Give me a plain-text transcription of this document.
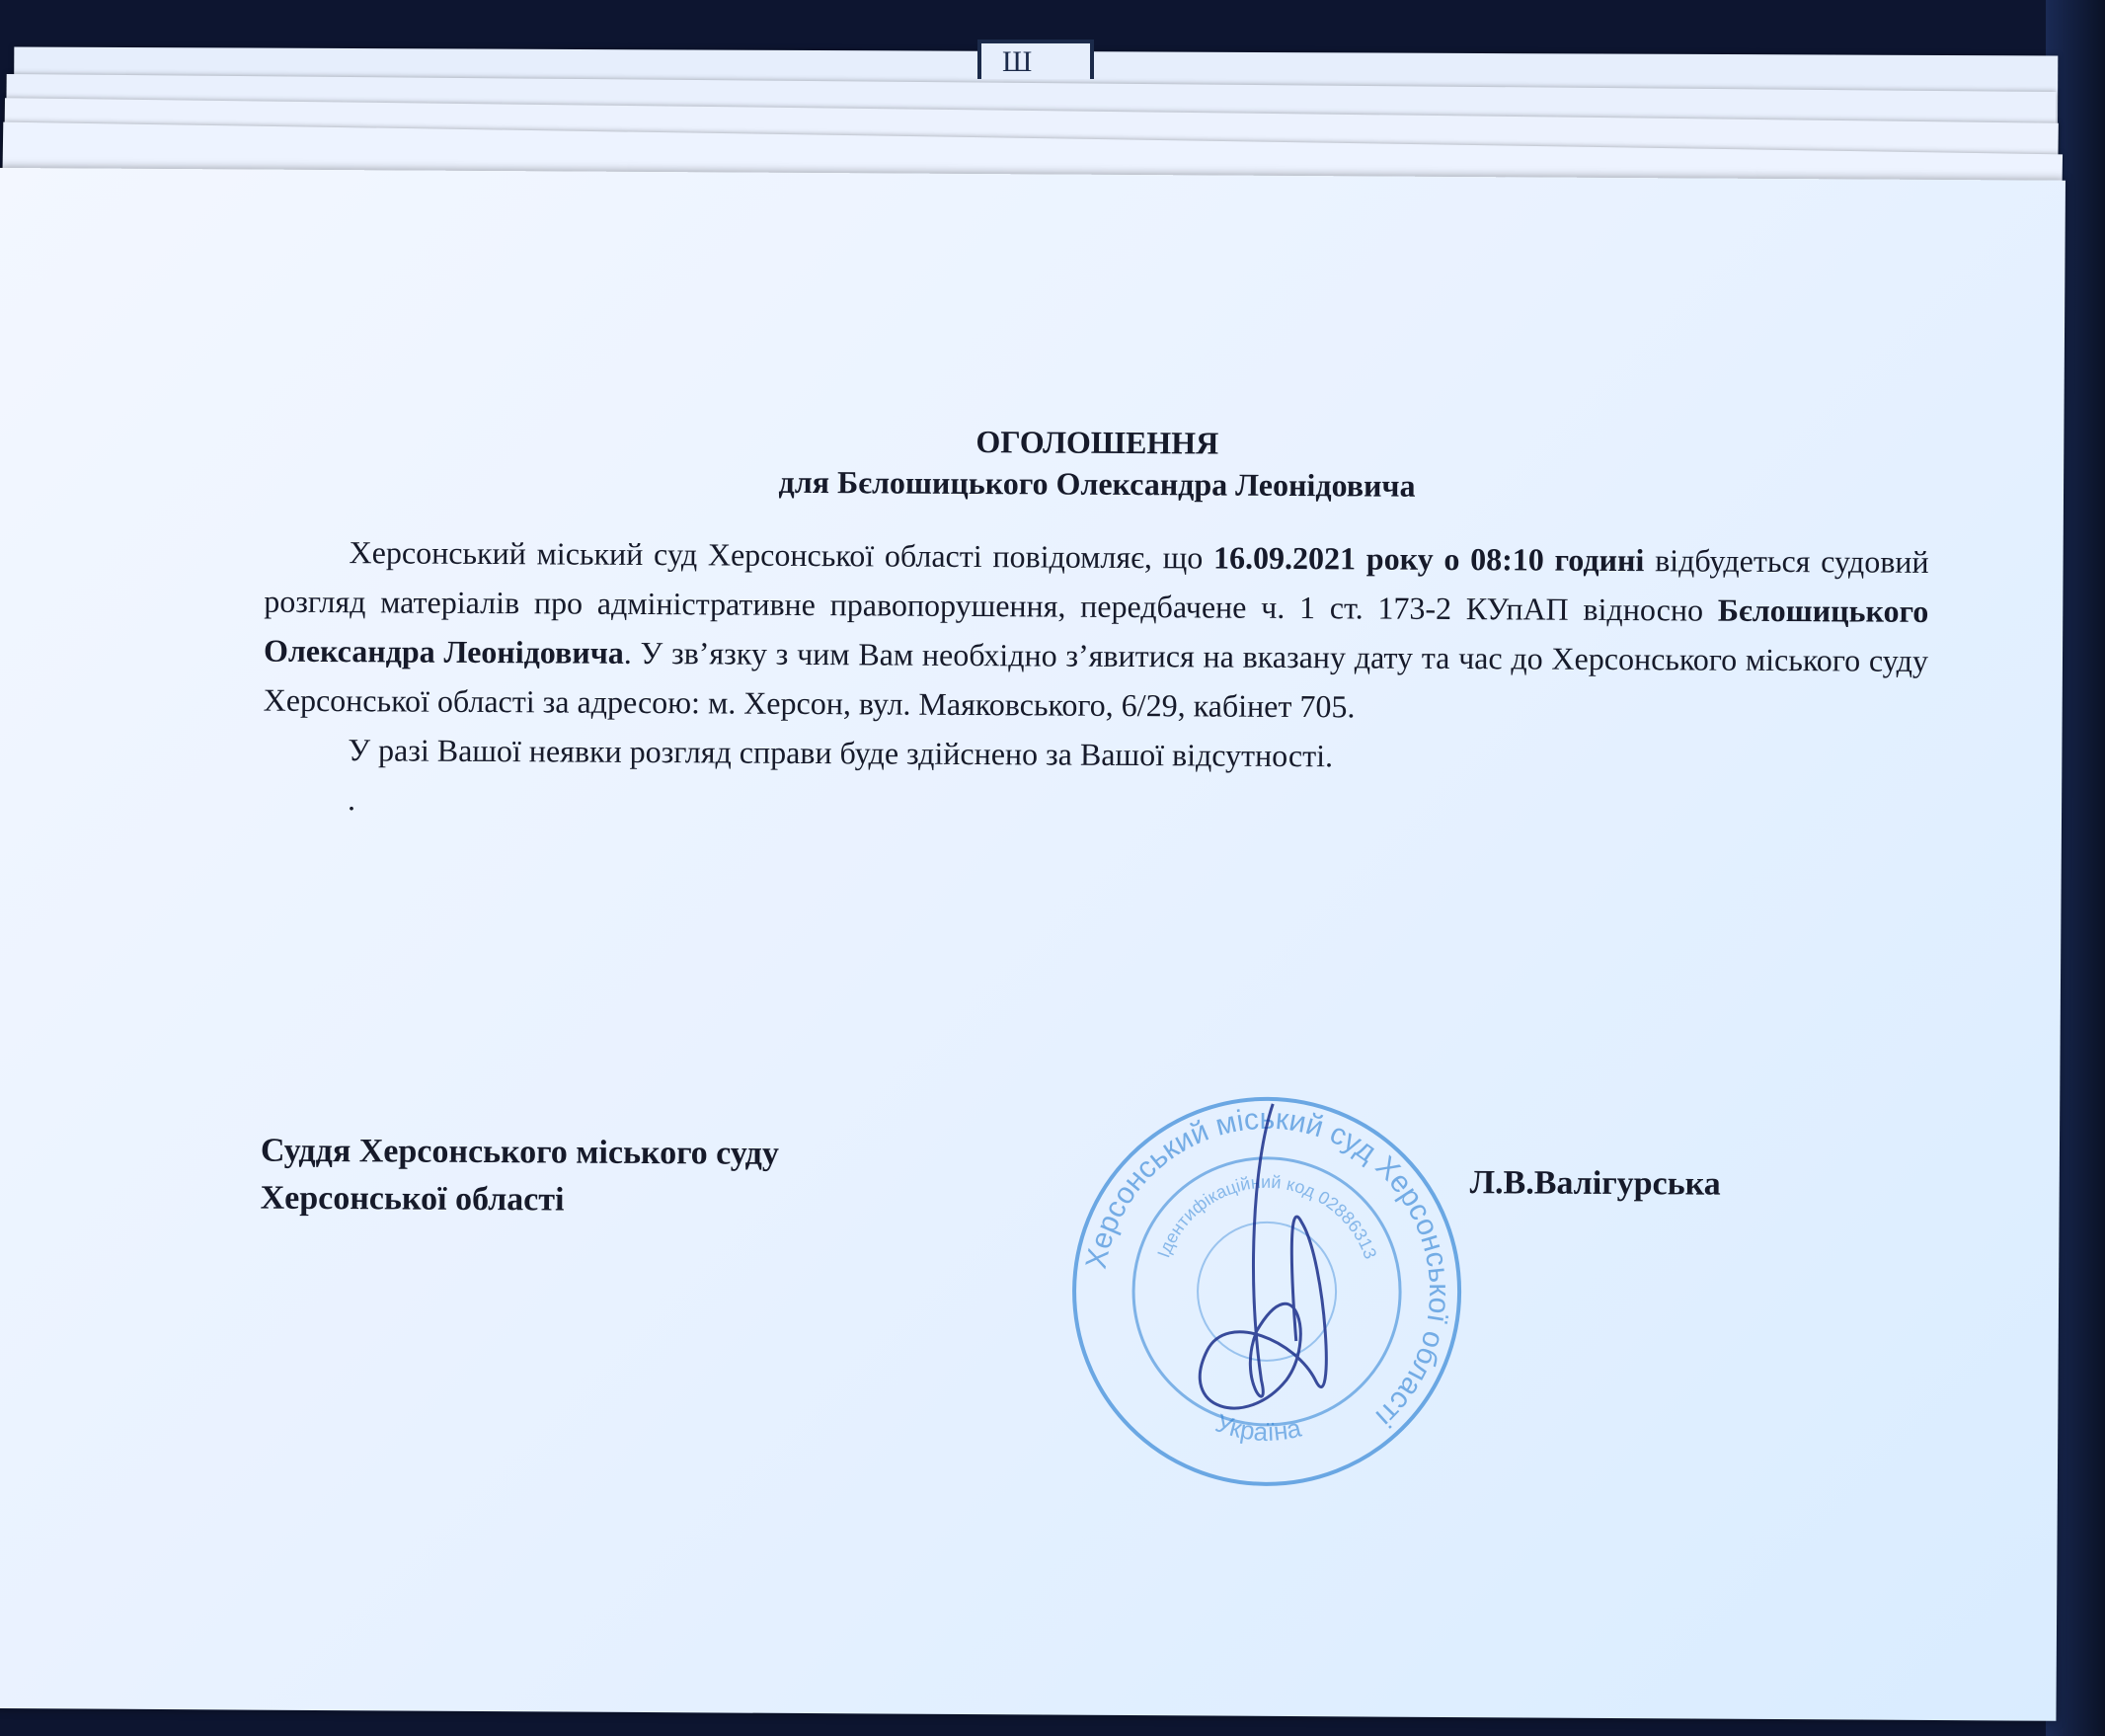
Ш

ОГОЛОШЕННЯ

для Бєлошицького Олександра Леонідовича

Херсонський міський суд Херсонської області повідомляє, що 16.09.2021 року о 08:10 годині відбудеться судовий розгляд матеріалів про адміністративне правопорушення, передбачене ч. 1 ст. 173-2 КУпАП відносно Бєлошицького Олександра Леонідовича. У зв’язку з чим Вам необхідно з’явитися на вказану дату та час до Херсонського міського суду Херсонської області за адресою: м. Херсон, вул. Маяковського, 6/29, кабінет 705.

У разі Вашої неявки розгляд справи буде здійснено за Вашої відсутності.

.

Суддя Херсонського міського суду
Херсонської області	Л.В.Валігурська
Херсонський міський суд Херсонської області
Ідентифікаційний код 02886313
Україна
